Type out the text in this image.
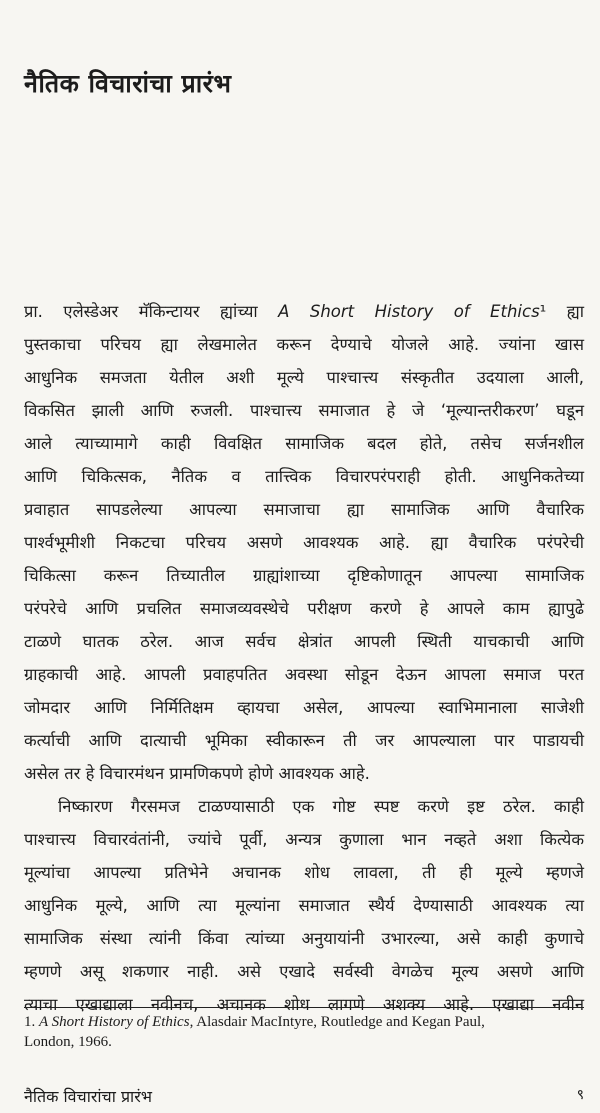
नैतिक विचारांचा प्रारंभ
प्रा. एलेस्डेअर मॅकिन्टायर ह्यांच्या A Short History of Ethics¹ ह्या
पुस्तकाचा परिचय ह्या लेखमालेत करून देण्याचे योजले आहे. ज्यांना खास
आधुनिक समजता येतील अशी मूल्ये पाश्चात्त्य संस्कृतीत उदयाला आली,
विकसित झाली आणि रुजली. पाश्चात्त्य समाजात हे जे ‘मूल्यान्तरीकरण’ घडून
आले त्याच्यामागे काही विवक्षित सामाजिक बदल होते, तसेच सर्जनशील
आणि चिकित्सक, नैतिक व तात्त्विक विचारपरंपराही होती. आधुनिकतेच्या
प्रवाहात सापडलेल्या आपल्या समाजाचा ह्या सामाजिक आणि वैचारिक
पार्श्वभूमीशी निकटचा परिचय असणे आवश्यक आहे. ह्या वैचारिक परंपरेची
चिकित्सा करून तिच्यातील ग्राह्यांशाच्या दृष्टिकोणातून आपल्या सामाजिक
परंपरेचे आणि प्रचलित समाजव्यवस्थेचे परीक्षण करणे हे आपले काम ह्यापुढे
टाळणे घातक ठरेल. आज सर्वच क्षेत्रांत आपली स्थिती याचकाची आणि
ग्राहकाची आहे. आपली प्रवाहपतित अवस्था सोडून देऊन आपला समाज परत
जोमदार आणि निर्मितिक्षम व्हायचा असेल, आपल्या स्वाभिमानाला साजेशी
कर्त्याची आणि दात्याची भूमिका स्वीकारून ती जर आपल्याला पार पाडायची
असेल तर हे विचारमंथन प्रामणिकपणे होणे आवश्यक आहे.
निष्कारण गैरसमज टाळण्यासाठी एक गोष्ट स्पष्ट करणे इष्ट ठरेल. काही
पाश्चात्त्य विचारवंतांनी, ज्यांचे पूर्वी, अन्यत्र कुणाला भान नव्हते अशा कित्येक
मूल्यांचा आपल्या प्रतिभेने अचानक शोध लावला, ती ही मूल्ये म्हणजे
आधुनिक मूल्ये, आणि त्या मूल्यांना समाजात स्थैर्य देण्यासाठी आवश्यक त्या
सामाजिक संस्था त्यांनी किंवा त्यांच्या अनुयायांनी उभारल्या, असे काही कुणाचे
म्हणणे असू शकणार नाही. असे एखादे सर्वस्वी वेगळेच मूल्य असणे आणि
त्याचा एखाद्याला नवीनच, अचानक शोध लागणे अशक्य आहे. एखाद्या नवीन
1. A Short History of Ethics, Alasdair MacIntyre, Routledge and Kegan Paul,
London, 1966.
नैतिक विचारांचा प्रारंभ	९
